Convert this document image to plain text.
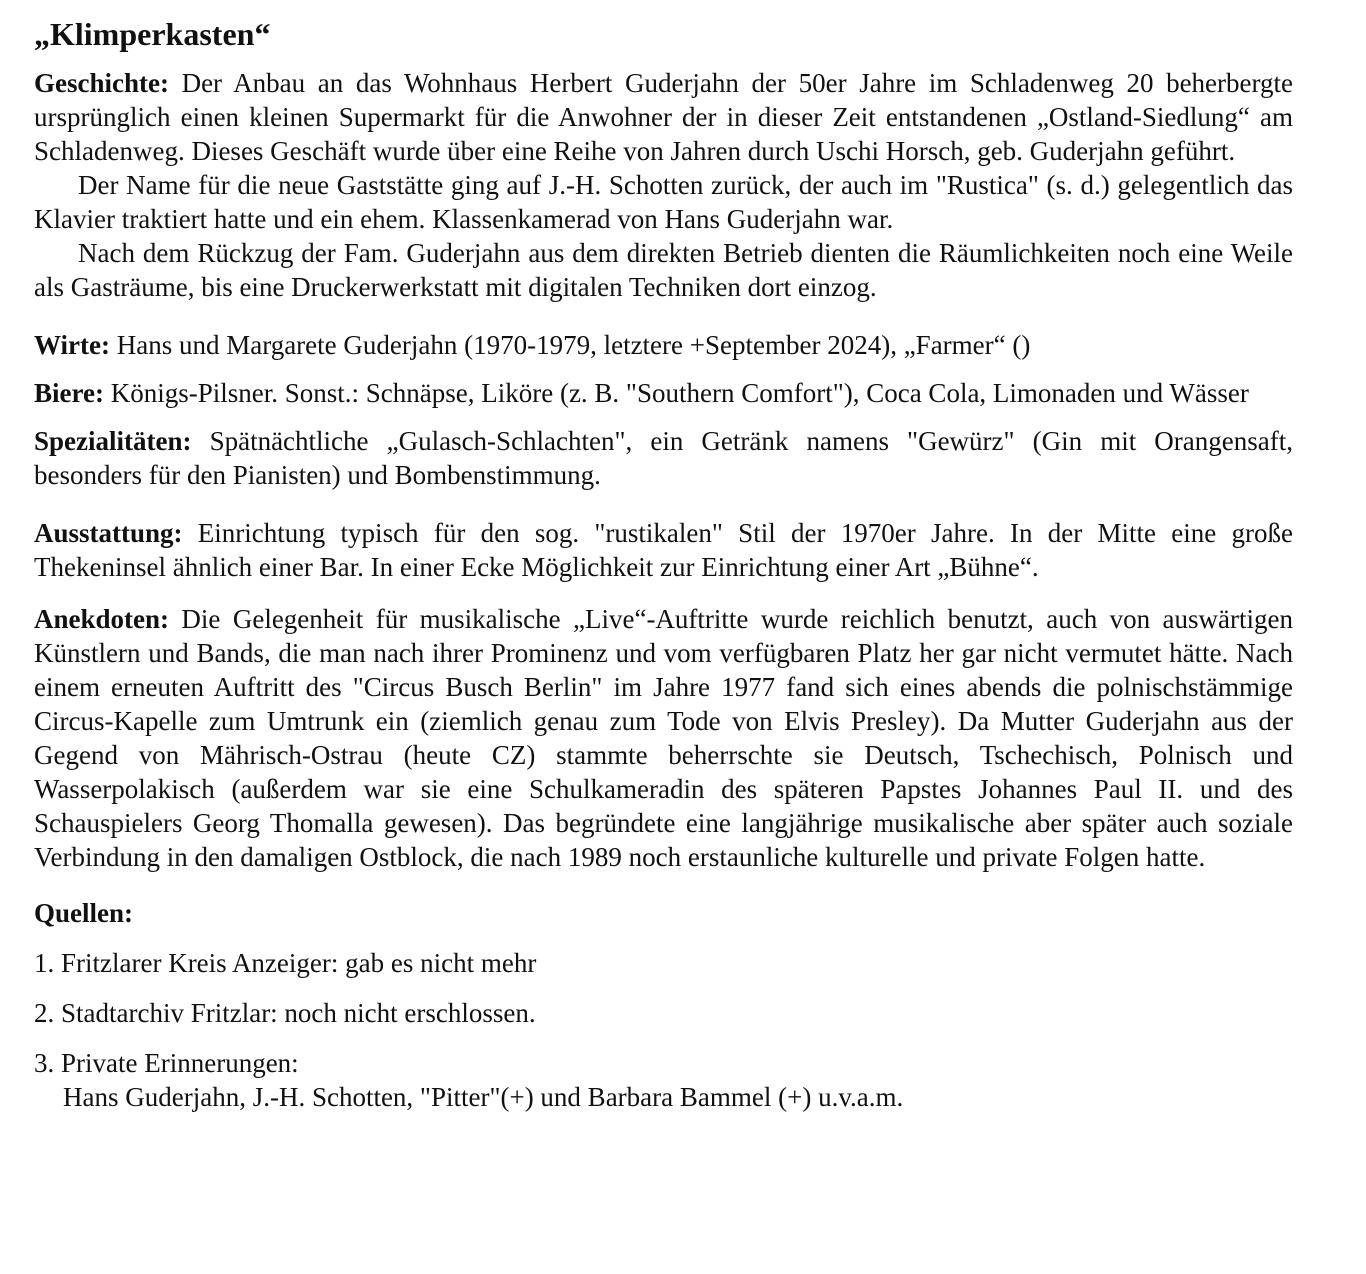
„Klimperkasten“

Geschichte: Der Anbau an das Wohnhaus Herbert Guderjahn der 50er Jahre im Schladenweg 20 beherbergte ursprünglich einen kleinen Supermarkt für die Anwohner der in dieser Zeit entstandenen „Ostland-Siedlung“ am Schladenweg. Dieses Geschäft wurde über eine Reihe von Jahren durch Uschi Horsch, geb. Guderjahn geführt.

Der Name für die neue Gaststätte ging auf J.-H. Schotten zurück, der auch im "Rustica" (s. d.) gelegentlich das Klavier traktiert hatte und ein ehem. Klassenkamerad von Hans Guderjahn war.

Nach dem Rückzug der Fam. Guderjahn aus dem direkten Betrieb dienten die Räumlichkeiten noch eine Weile als Gasträume, bis eine Druckerwerkstatt mit digitalen Techniken dort einzog.

Wirte: Hans und Margarete Guderjahn (1970-1979, letztere +September 2024), „Farmer“ ()

Biere: Königs-Pilsner. Sonst.: Schnäpse, Liköre (z. B. "Southern Comfort"), Coca Cola, Limonaden und Wässer

Spezialitäten: Spätnächtliche „Gulasch-Schlachten", ein Getränk namens "Gewürz" (Gin mit Orangensaft, besonders für den Pianisten) und Bombenstimmung.

Ausstattung: Einrichtung typisch für den sog. "rustikalen" Stil der 1970er Jahre. In der Mitte eine große Thekeninsel ähnlich einer Bar. In einer Ecke Möglichkeit zur Einrichtung einer Art „Bühne“.

Anekdoten: Die Gelegenheit für musikalische „Live“-Auftritte wurde reichlich benutzt, auch von auswärtigen Künstlern und Bands, die man nach ihrer Prominenz und vom verfügbaren Platz her gar nicht vermutet hätte. Nach einem erneuten Auftritt des "Circus Busch Berlin" im Jahre 1977 fand sich eines abends die polnischstämmige Circus-Kapelle zum Umtrunk ein (ziemlich genau zum Tode von Elvis Presley). Da Mutter Guderjahn aus der Gegend von Mährisch-Ostrau (heute CZ) stammte beherrschte sie Deutsch, Tschechisch, Polnisch und Wasserpolakisch (außerdem war sie eine Schulkameradin des späteren Papstes Johannes Paul II. und des Schauspielers Georg Thomalla gewesen). Das begründete eine langjährige musikalische aber später auch soziale Verbindung in den damaligen Ostblock, die nach 1989 noch erstaunliche kulturelle und private Folgen hatte.

Quellen:

1. Fritzlarer Kreis Anzeiger: gab es nicht mehr

2. Stadtarchiv Fritzlar: noch nicht erschlossen.

3. Private Erinnerungen:

Hans Guderjahn, J.-H. Schotten, "Pitter"(+) und Barbara Bammel (+) u.v.a.m.
